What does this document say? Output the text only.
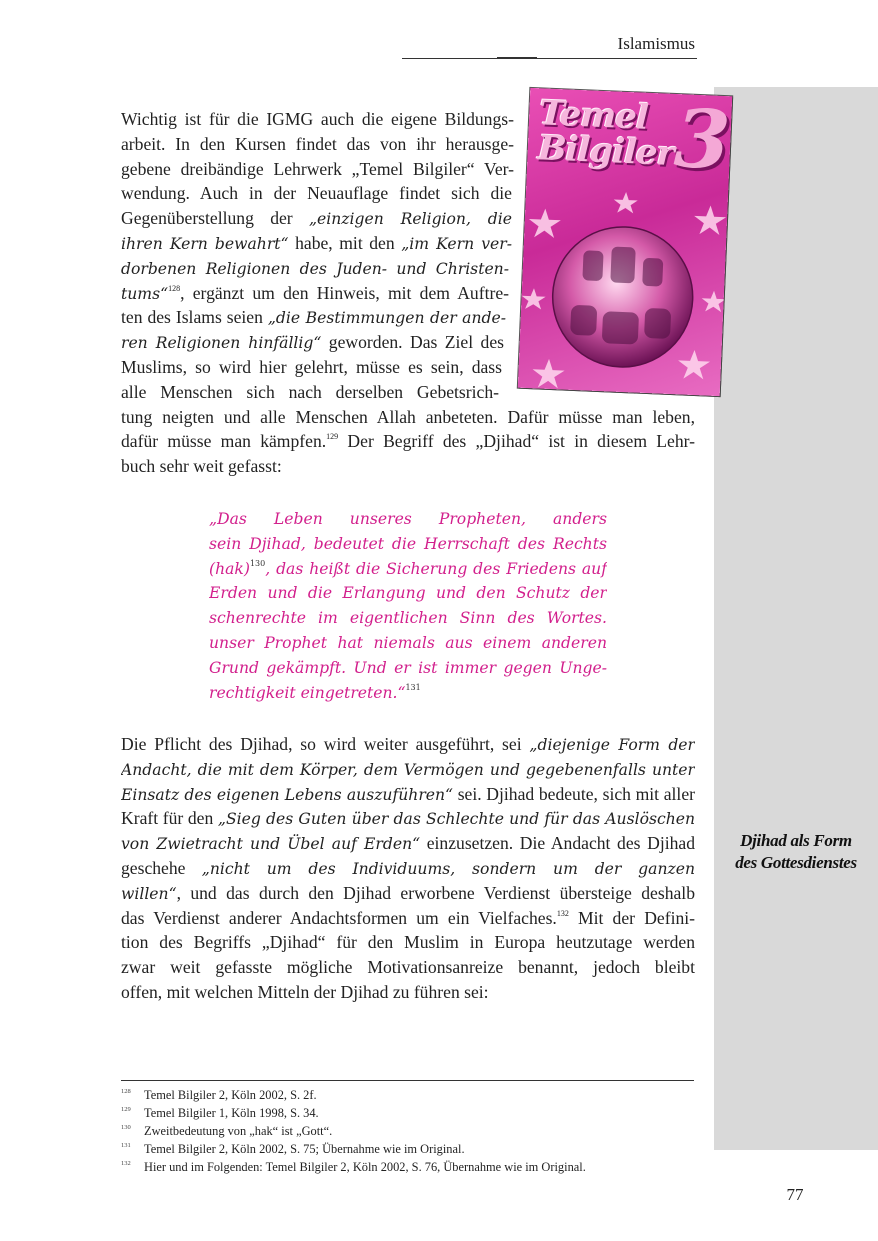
Djihad als Form
des Gottesdienstes
Islamismus
Temel
Bilgiler
3
Wichtig ist für die IGMG auch die eigene Bildungs-
arbeit. In den Kursen findet das von ihr herausge-
gebene dreibändige Lehrwerk „Temel Bilgiler“ Ver-
wendung. Auch in der Neuauflage findet sich die
Gegenüberstellung der „einzigen Religion, die
ihren Kern bewahrt“ habe, mit den „im Kern ver-
dorbenen Religionen des Juden- und Christen-
tums“$^{128}$, ergänzt um den Hinweis, mit dem Auftre-
ten des Islams seien „die Bestimmungen der ande-
ren Religionen hinfällig“ geworden. Das Ziel des
Muslims, so wird hier gelehrt, müsse es sein, dass
alle Menschen sich nach derselben Gebetsrich-
tung neigten und alle Menschen Allah anbeteten. Dafür müsse man leben,
dafür müsse man kämpfen.$^{129}$ Der Begriff des „Djihad“ ist in diesem Lehr-
buch sehr weit gefasst:
„Das Leben unseres Propheten, anders
sein Djihad, bedeutet die Herrschaft des Rechts
(hak)$^{130}$, das heißt die Sicherung des Friedens auf
Erden und die Erlangung und den Schutz der
schenrechte im eigentlichen Sinn des Wortes.
unser Prophet hat niemals aus einem anderen
Grund gekämpft. Und er ist immer gegen Unge-
rechtigkeit eingetreten.“$^{131}$
Die Pflicht des Djihad, so wird weiter ausgeführt, sei „diejenige Form der
Andacht, die mit dem Körper, dem Vermögen und gegebenenfalls unter
Einsatz des eigenen Lebens auszuführen“ sei. Djihad bedeute, sich mit aller
Kraft für den „Sieg des Guten über das Schlechte und für das Auslöschen
von Zwietracht und Übel auf Erden“ einzusetzen. Die Andacht des Djihad
geschehe „nicht um des Individuums, sondern um der ganzen
willen“, und das durch den Djihad erworbene Verdienst übersteige deshalb
das Verdienst anderer Andachtsformen um ein Vielfaches.$^{132}$ Mit der Defini-
tion des Begriffs „Djihad“ für den Muslim in Europa heutzutage werden
zwar weit gefasste mögliche Motivationsanreize benannt, jedoch bleibt
offen, mit welchen Mitteln der Djihad zu führen sei:
128	Temel Bilgiler 2, Köln 2002, S. 2f.
129	Temel Bilgiler 1, Köln 1998, S. 34.
130	Zweitbedeutung von „hak“ ist „Gott“.
131	Temel Bilgiler 2, Köln 2002, S. 75; Übernahme wie im Original.
132	Hier und im Folgenden: Temel Bilgiler 2, Köln 2002, S. 76, Übernahme wie im Original.
77
